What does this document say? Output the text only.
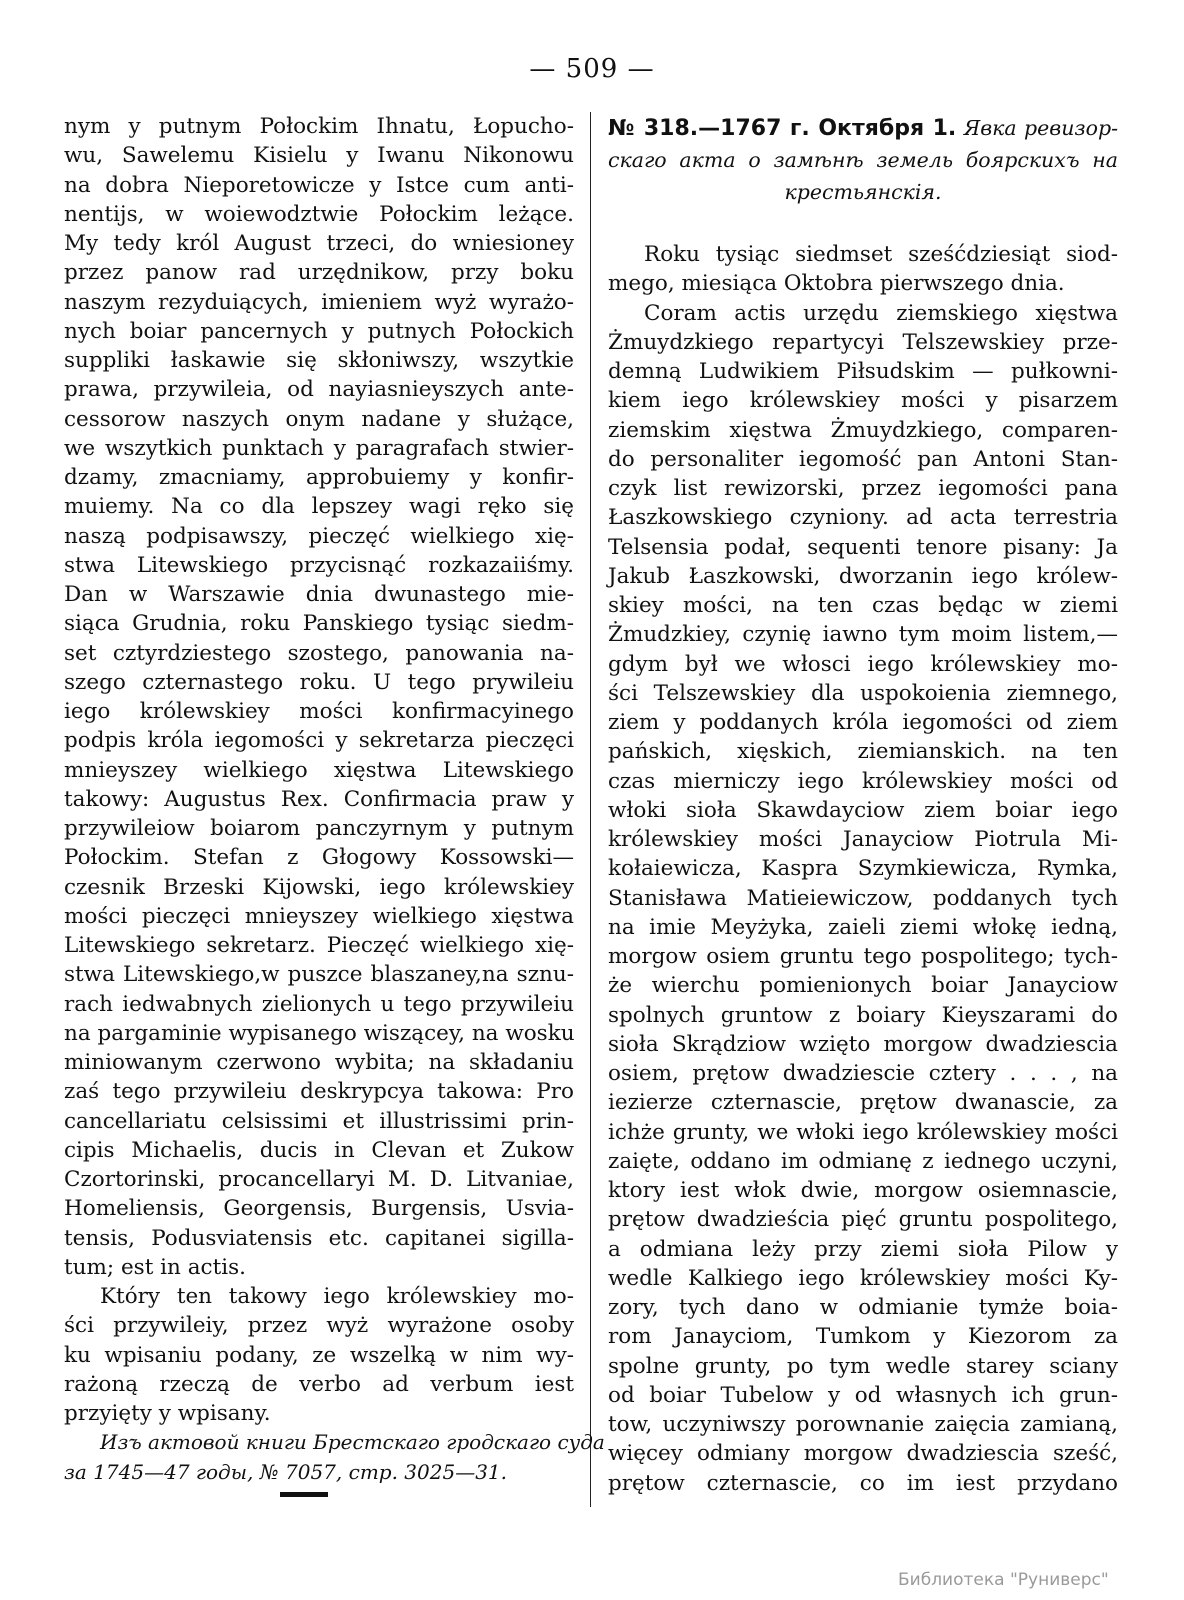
— 509 —
nym y putnym Połockim Ihnatu, Łopucho-
wu, Sawelemu Kisielu y Iwanu Nikonowu
na dobra Nieporetowicze y Istce cum anti-
nentijs, w woiewodztwie Połockim leżące.
My tedy król August trzeci, do wniesioney
przez panow rad urzędnikow, przy boku
naszym rezyduiących, imieniem wyż wyrażo-
nych boiar pancernych y putnych Połockich
suppliki łaskawie się skłoniwszy, wszytkie
prawa, przywileia, od nayiasnieyszych ante-
cessorow naszych onym nadane y służące,
we wszytkich punktach y paragrafach stwier-
dzamy, zmacniamy, approbuiemy y konfir-
muiemy. Na co dla lepszey wagi ręko się
naszą podpisawszy, pieczęć wielkiego xię-
stwa Litewskiego przycisnąć rozkazaiiśmy.
Dan w Warszawie dnia dwunastego mie-
siąca Grudnia, roku Panskiego tysiąc siedm-
set cztyrdziestego szostego, panowania na-
szego czternastego roku. U tego prywileiu
iego królewskiey mości konfirmacyinego
podpis króla iegomości y sekretarza pieczęci
mnieyszey wielkiego xięstwa Litewskiego
takowy: Augustus Rex. Confirmacia praw y
przywileiow boiarom panczyrnym y putnym
Połockim. Stefan z Głogowy Kossowski—
czesnik Brzeski Kijowski, iego królewskiey
mości pieczęci mnieyszey wielkiego xięstwa
Litewskiego sekretarz. Pieczęć wielkiego xię-
stwa Litewskiego,w puszce blaszaney,na sznu-
rach iedwabnych zielionych u tego przywileiu
na pargaminie wypisanego wiszącey, na wosku
miniowanym czerwono wybita; na składaniu
zaś tego przywileiu deskrypcya takowa: Pro
cancellariatu celsissimi et illustrissimi prin-
cipis Michaelis, ducis in Clevan et Zukow
Czortorinski, procancellaryi M. D. Litvaniae,
Homeliensis, Georgensis, Burgensis, Usvia-
tensis, Podusviatensis etc. capitanei sigilla-
tum; est in actis.
Który ten takowy iego królewskiey mo-
ści przywileiy, przez wyż wyrażone osoby
ku wpisaniu podany, ze wszelką w nim wy-
rażoną rzeczą de verbo ad verbum iest
przyięty y wpisany.
Изъ актовой книги Брестскаго гродскаго суда
за 1745—47 годы, № 7057, стр. 3025—31.
№ 318.—1767 г. Октября 1. Явка ревизор-
скаго акта о замѣнѣ земель боярскихъ на
крестьянскія.
Roku tysiąc siedmset sześćdziesiąt siod-
mego, miesiąca Oktobra pierwszego dnia.
Coram actis urzędu ziemskiego xięstwa
Żmuydzkiego repartycyi Telszewskiey prze-
demną Ludwikiem Piłsudskim — pułkowni-
kiem iego królewskiey mości y pisarzem
ziemskim xięstwa Żmuydzkiego, comparen-
do personaliter iegomość pan Antoni Stan-
czyk list rewizorski, przez iegomości pana
Łaszkowskiego czyniony. ad acta terrestria
Telsensia podał, sequenti tenore pisany: Ja
Jakub Łaszkowski, dworzanin iego królew-
skiey mości, na ten czas będąc w ziemi
Żmudzkiey, czynię iawno tym moim listem,—
gdym był we włosci iego królewskiey mo-
ści Telszewskiey dla uspokoienia ziemnego,
ziem y poddanych króla iegomości od ziem
pańskich, xięskich, ziemianskich. na ten
czas mierniczy iego królewskiey mości od
włoki sioła Skawdayciow ziem boiar iego
królewskiey mości Janayciow Piotrula Mi-
kołaiewicza, Kaspra Szymkiewicza, Rymka,
Stanisława Matieiewiczow, poddanych tych
na imie Meyżyka, zaieli ziemi włokę iedną,
morgow osiem gruntu tego pospolitego; tych-
że wierchu pomienionych boiar Janayciow
spolnych gruntow z boiary Kieyszarami do
sioła Skrądziow wzięto morgow dwadziescia
osiem, prętow dwadziescie cztery . . . , na
iezierze czternascie, prętow dwanascie, za
ichże grunty, we włoki iego królewskiey mości
zaięte, oddano im odmianę z iednego uczyni,
ktory iest włok dwie, morgow osiemnascie,
prętow dwadzieścia pięć gruntu pospolitego,
a odmiana leży przy ziemi sioła Pilow y
wedle Kalkiego iego królewskiey mości Ky-
zory, tych dano w odmianie tymże boia-
rom Janayciom, Tumkom y Kiezorom za
spolne grunty, po tym wedle starey sciany
od boiar Tubelow y od własnych ich grun-
tow, uczyniwszy porownanie zaięcia zamianą,
więcey odmiany morgow dwadziescia sześć,
prętow czternascie, co im iest przydano
Библиотека "Руниверс"
